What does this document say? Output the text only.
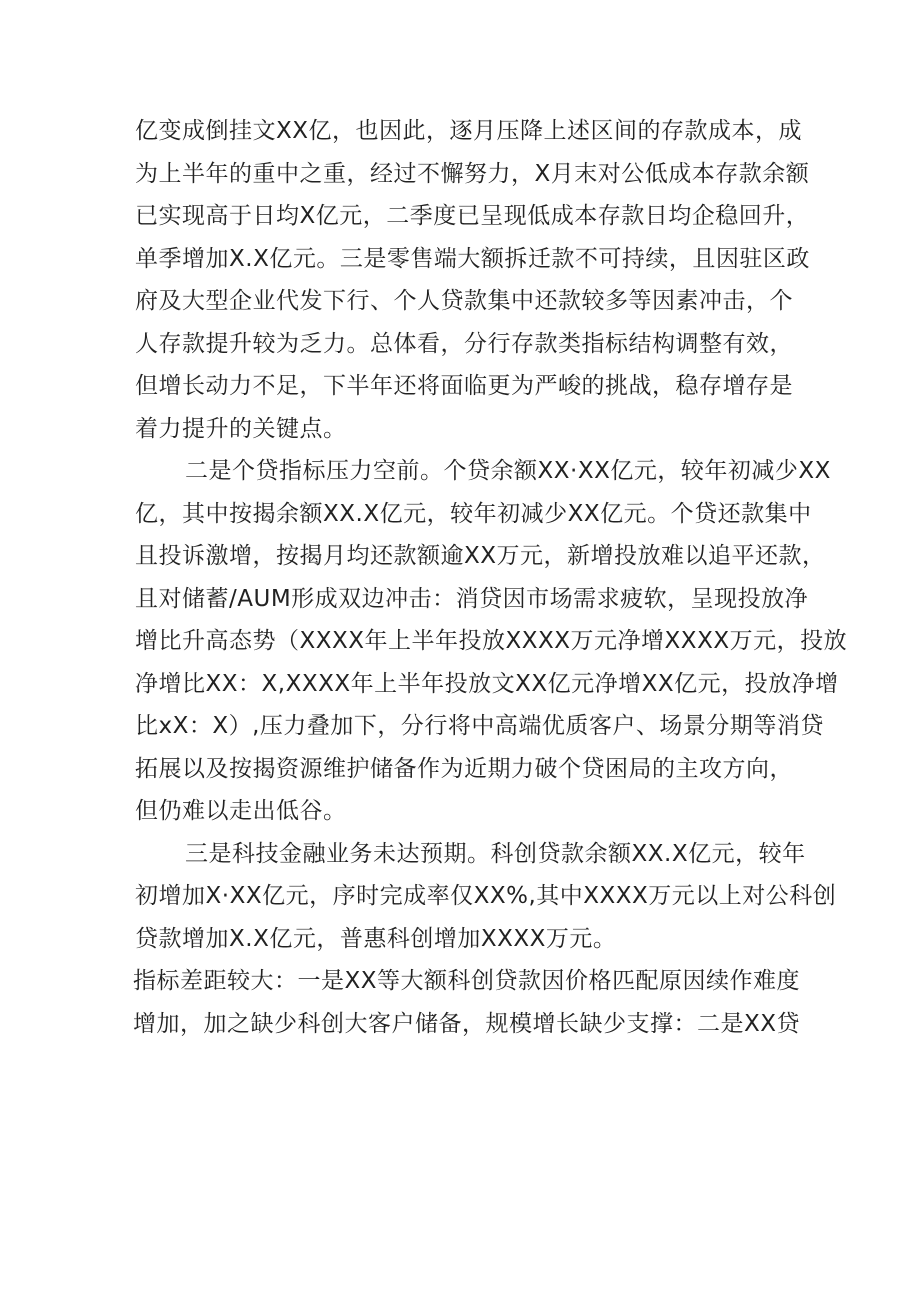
亿变成倒挂文XX亿，也因此，逐月压降上述区间的存款成本，成
为上半年的重中之重，经过不懈努力，X月末对公低成本存款余额
已实现高于日均X亿元，二季度已呈现低成本存款日均企稳回升，
单季增加X.X亿元。三是零售端大额拆迁款不可持续，且因驻区政
府及大型企业代发下行、个人贷款集中还款较多等因素冲击，个
人存款提升较为乏力。总体看，分行存款类指标结构调整有效，
但增长动力不足，下半年还将面临更为严峻的挑战，稳存增存是
着力提升的关键点。
二是个贷指标压力空前。个贷余额XX·XX亿元，较年初减少XX
亿，其中按揭余额XX.X亿元，较年初减少XX亿元。个贷还款集中
且投诉激增，按揭月均还款额逾XX万元，新增投放难以追平还款，
且对储蓄/AUM形成双边冲击：消贷因市场需求疲软，呈现投放净
增比升高态势（XXXX年上半年投放XXXX万元净增XXXX万元，投放
净增比XX：X,XXXX年上半年投放文XX亿元净增XX亿元，投放净增
比xX：X）,压力叠加下，分行将中高端优质客户、场景分期等消贷
拓展以及按揭资源维护储备作为近期力破个贷困局的主攻方向，
但仍难以走出低谷。
三是科技金融业务未达预期。科创贷款余额XX.X亿元，较年
初增加X·XX亿元，序时完成率仅XX%,其中XXXX万元以上对公科创
贷款增加X.X亿元，普惠科创增加XXXX万元。
指标差距较大：一是XX等大额科创贷款因价格匹配原因续作难度
增加，加之缺少科创大客户储备，规模增长缺少支撑：二是XX贷
